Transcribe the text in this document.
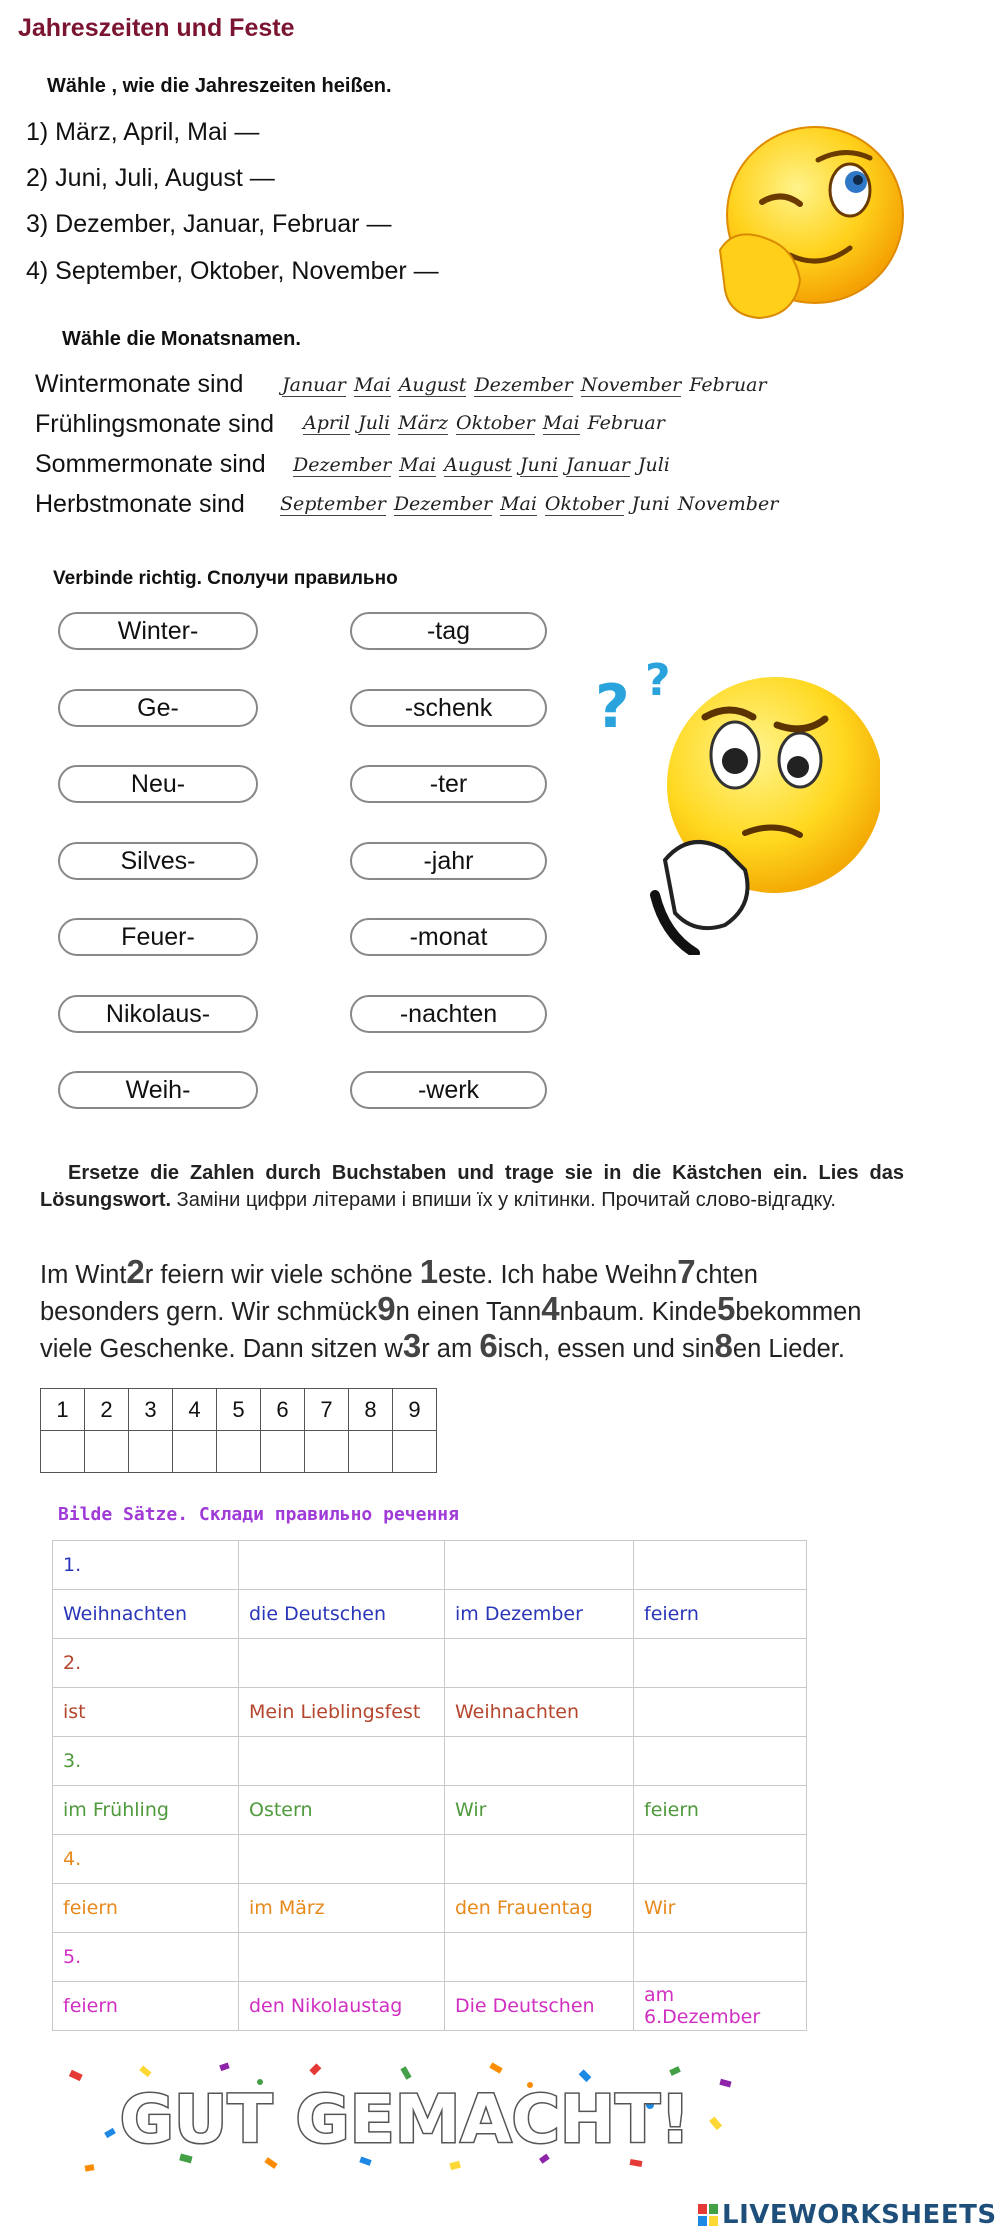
Jahreszeiten und Feste
Wähle , wie die Jahreszeiten heißen.
1) März, April, Mai —
2) Juni, Juli, August —
3) Dezember, Januar, Februar —
4) September, Oktober, November —
Wähle die Monatsnamen.
Wintermonate sind Januar Mai August Dezember November Februar
Frühlingsmonate sind April Juli März Oktober Mai Februar
Sommermonate sind Dezember Mai August Juni Januar Juli
Herbstmonate sind September Dezember Mai Oktober Juni November
Verbinde richtig. Сполучи правильно
Winter-
Ge-
Neu-
Silves-
Feuer-
Nikolaus-
Weih-
-tag
-schenk
-ter
-jahr
-monat
-nachten
-werk
? ?
Ersetze die Zahlen durch Buchstaben und trage sie in die Kästchen ein. Lies das Lösungswort. Заміни цифри літерами і впиши їх у клітинки. Прочитай слово-відгадку.
Im Wint2r feiern wir viele schöne 1este. Ich habe Weihn7chten
besonders gern. Wir schmück9n einen Tann4nbaum. Kinde5bekommen
viele Geschenke. Dann sitzen w3r am 6isch, essen und sin8en Lieder.
1	2	3	4	5	6	7	8	9

Bilde Sätze. Склади правильно речення
1.			
Weihnachten	die Deutschen	im Dezember	feiern
2.			
ist	Mein Lieblingsfest	Weihnachten	
3.			
im Frühling	Ostern	Wir	feiern
4.			
feiern	im März	den Frauentag	Wir
5.			
feiern	den Nikolaustag	Die Deutschen	am 6.Dezember
GUT GEMACHT!
LIVEWORKSHEETS
